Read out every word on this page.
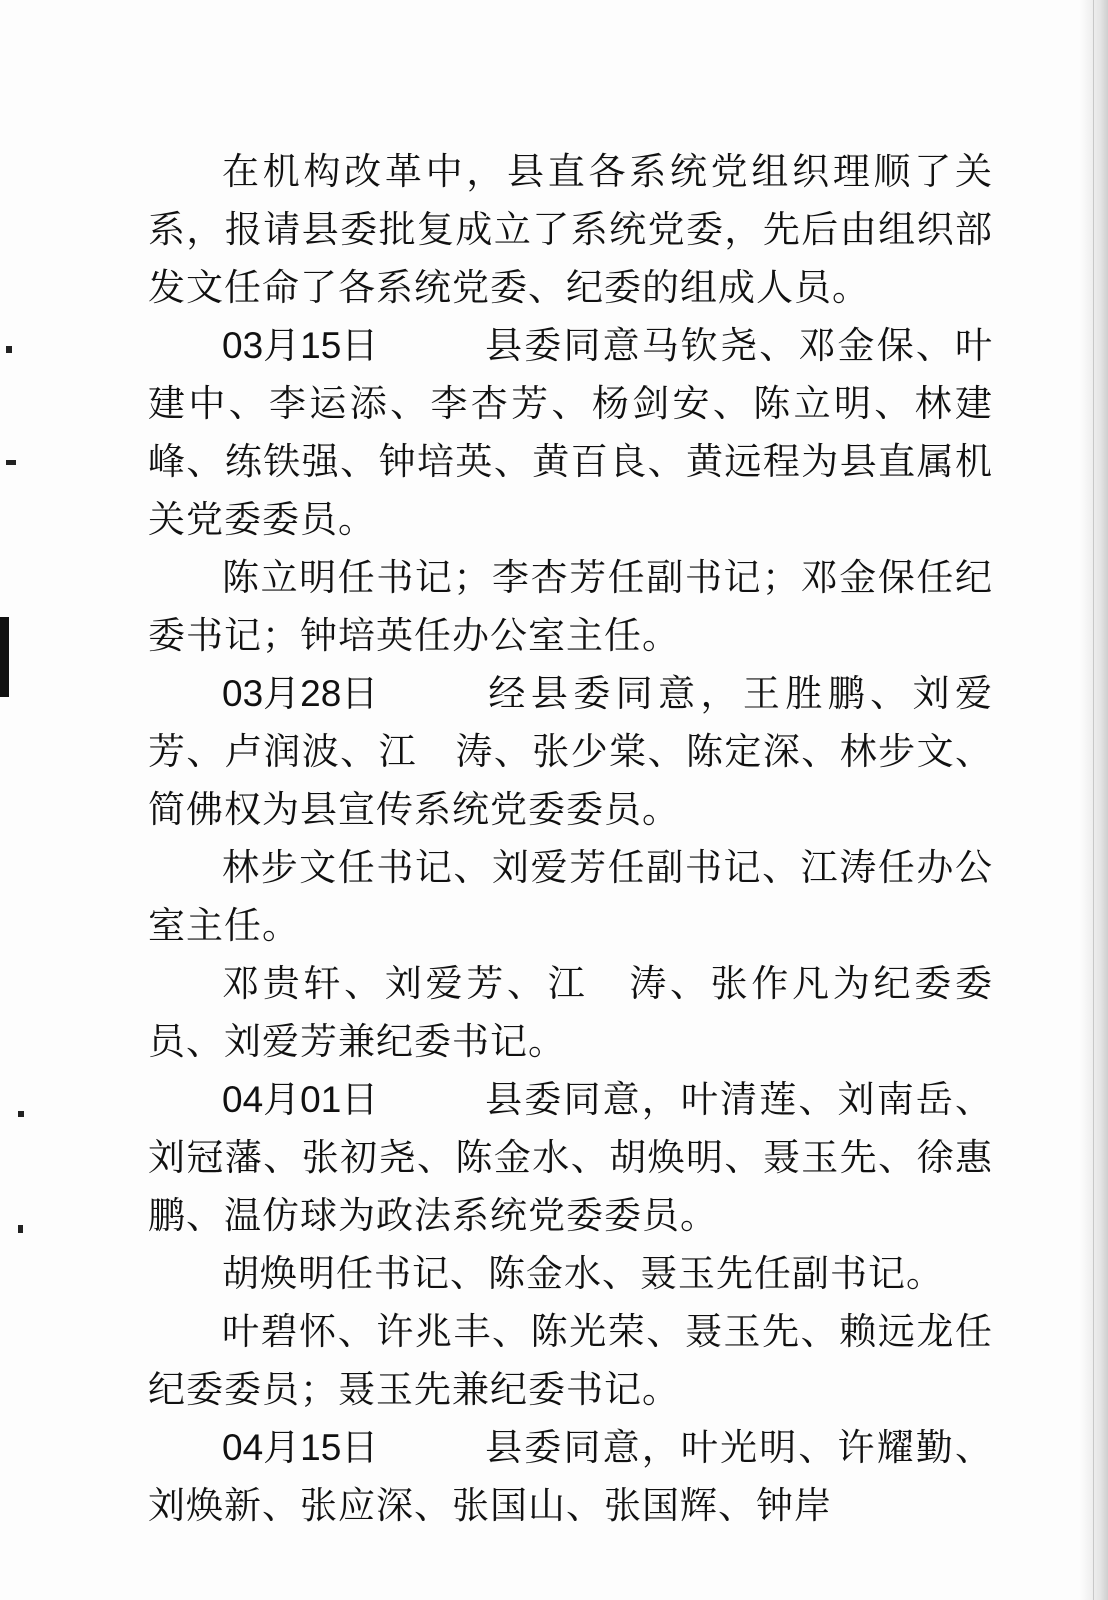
在机构改革中，县直各系统党组织理顺了关系，报请县委批复成立了系统党委，先后由组织部发文任命了各系统党委、纪委的组成人员。

03月15日	县委同意马钦尧、邓金保、叶建中、李运添、李杏芳、杨剑安、陈立明、林建峰、练铁强、钟培英、黄百良、黄远程为县直属机关党委委员。

陈立明任书记；李杏芳任副书记；邓金保任纪委书记；钟培英任办公室主任。

03月28日	经县委同意，王胜鹏、刘爱芳、卢润波、江　涛、张少棠、陈定深、林步文、简佛权为县宣传系统党委委员。

林步文任书记、刘爱芳任副书记、江涛任办公室主任。

邓贵轩、刘爱芳、江　涛、张作凡为纪委委员、刘爱芳兼纪委书记。

04月01日	县委同意，叶清莲、刘南岳、刘冠藩、张初尧、陈金水、胡焕明、聂玉先、徐惠鹏、温仿球为政法系统党委委员。

胡焕明任书记、陈金水、聂玉先任副书记。

叶碧怀、许兆丰、陈光荣、聂玉先、赖远龙任纪委委员；聂玉先兼纪委书记。

04月15日	县委同意，叶光明、许耀勤、刘焕新、张应深、张国山、张国辉、钟岸
